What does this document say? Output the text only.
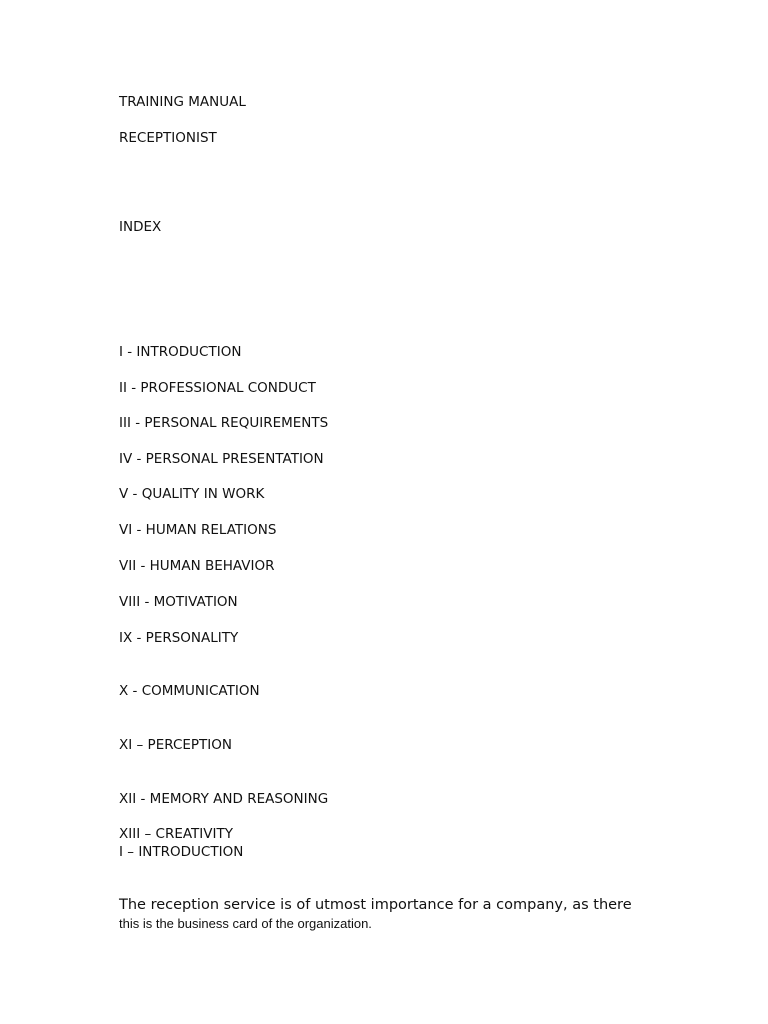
TRAINING MANUAL

RECEPTIONIST

INDEX

I - INTRODUCTION

II - PROFESSIONAL CONDUCT

III - PERSONAL REQUIREMENTS

IV - PERSONAL PRESENTATION

V - QUALITY IN WORK

VI - HUMAN RELATIONS

VII - HUMAN BEHAVIOR

VIII - MOTIVATION

IX - PERSONALITY

X - COMMUNICATION

XI – PERCEPTION

XII - MEMORY AND REASONING

XIII – CREATIVITY

I – INTRODUCTION

The reception service is of utmost importance for a company, as there

this is the business card of the organization.
